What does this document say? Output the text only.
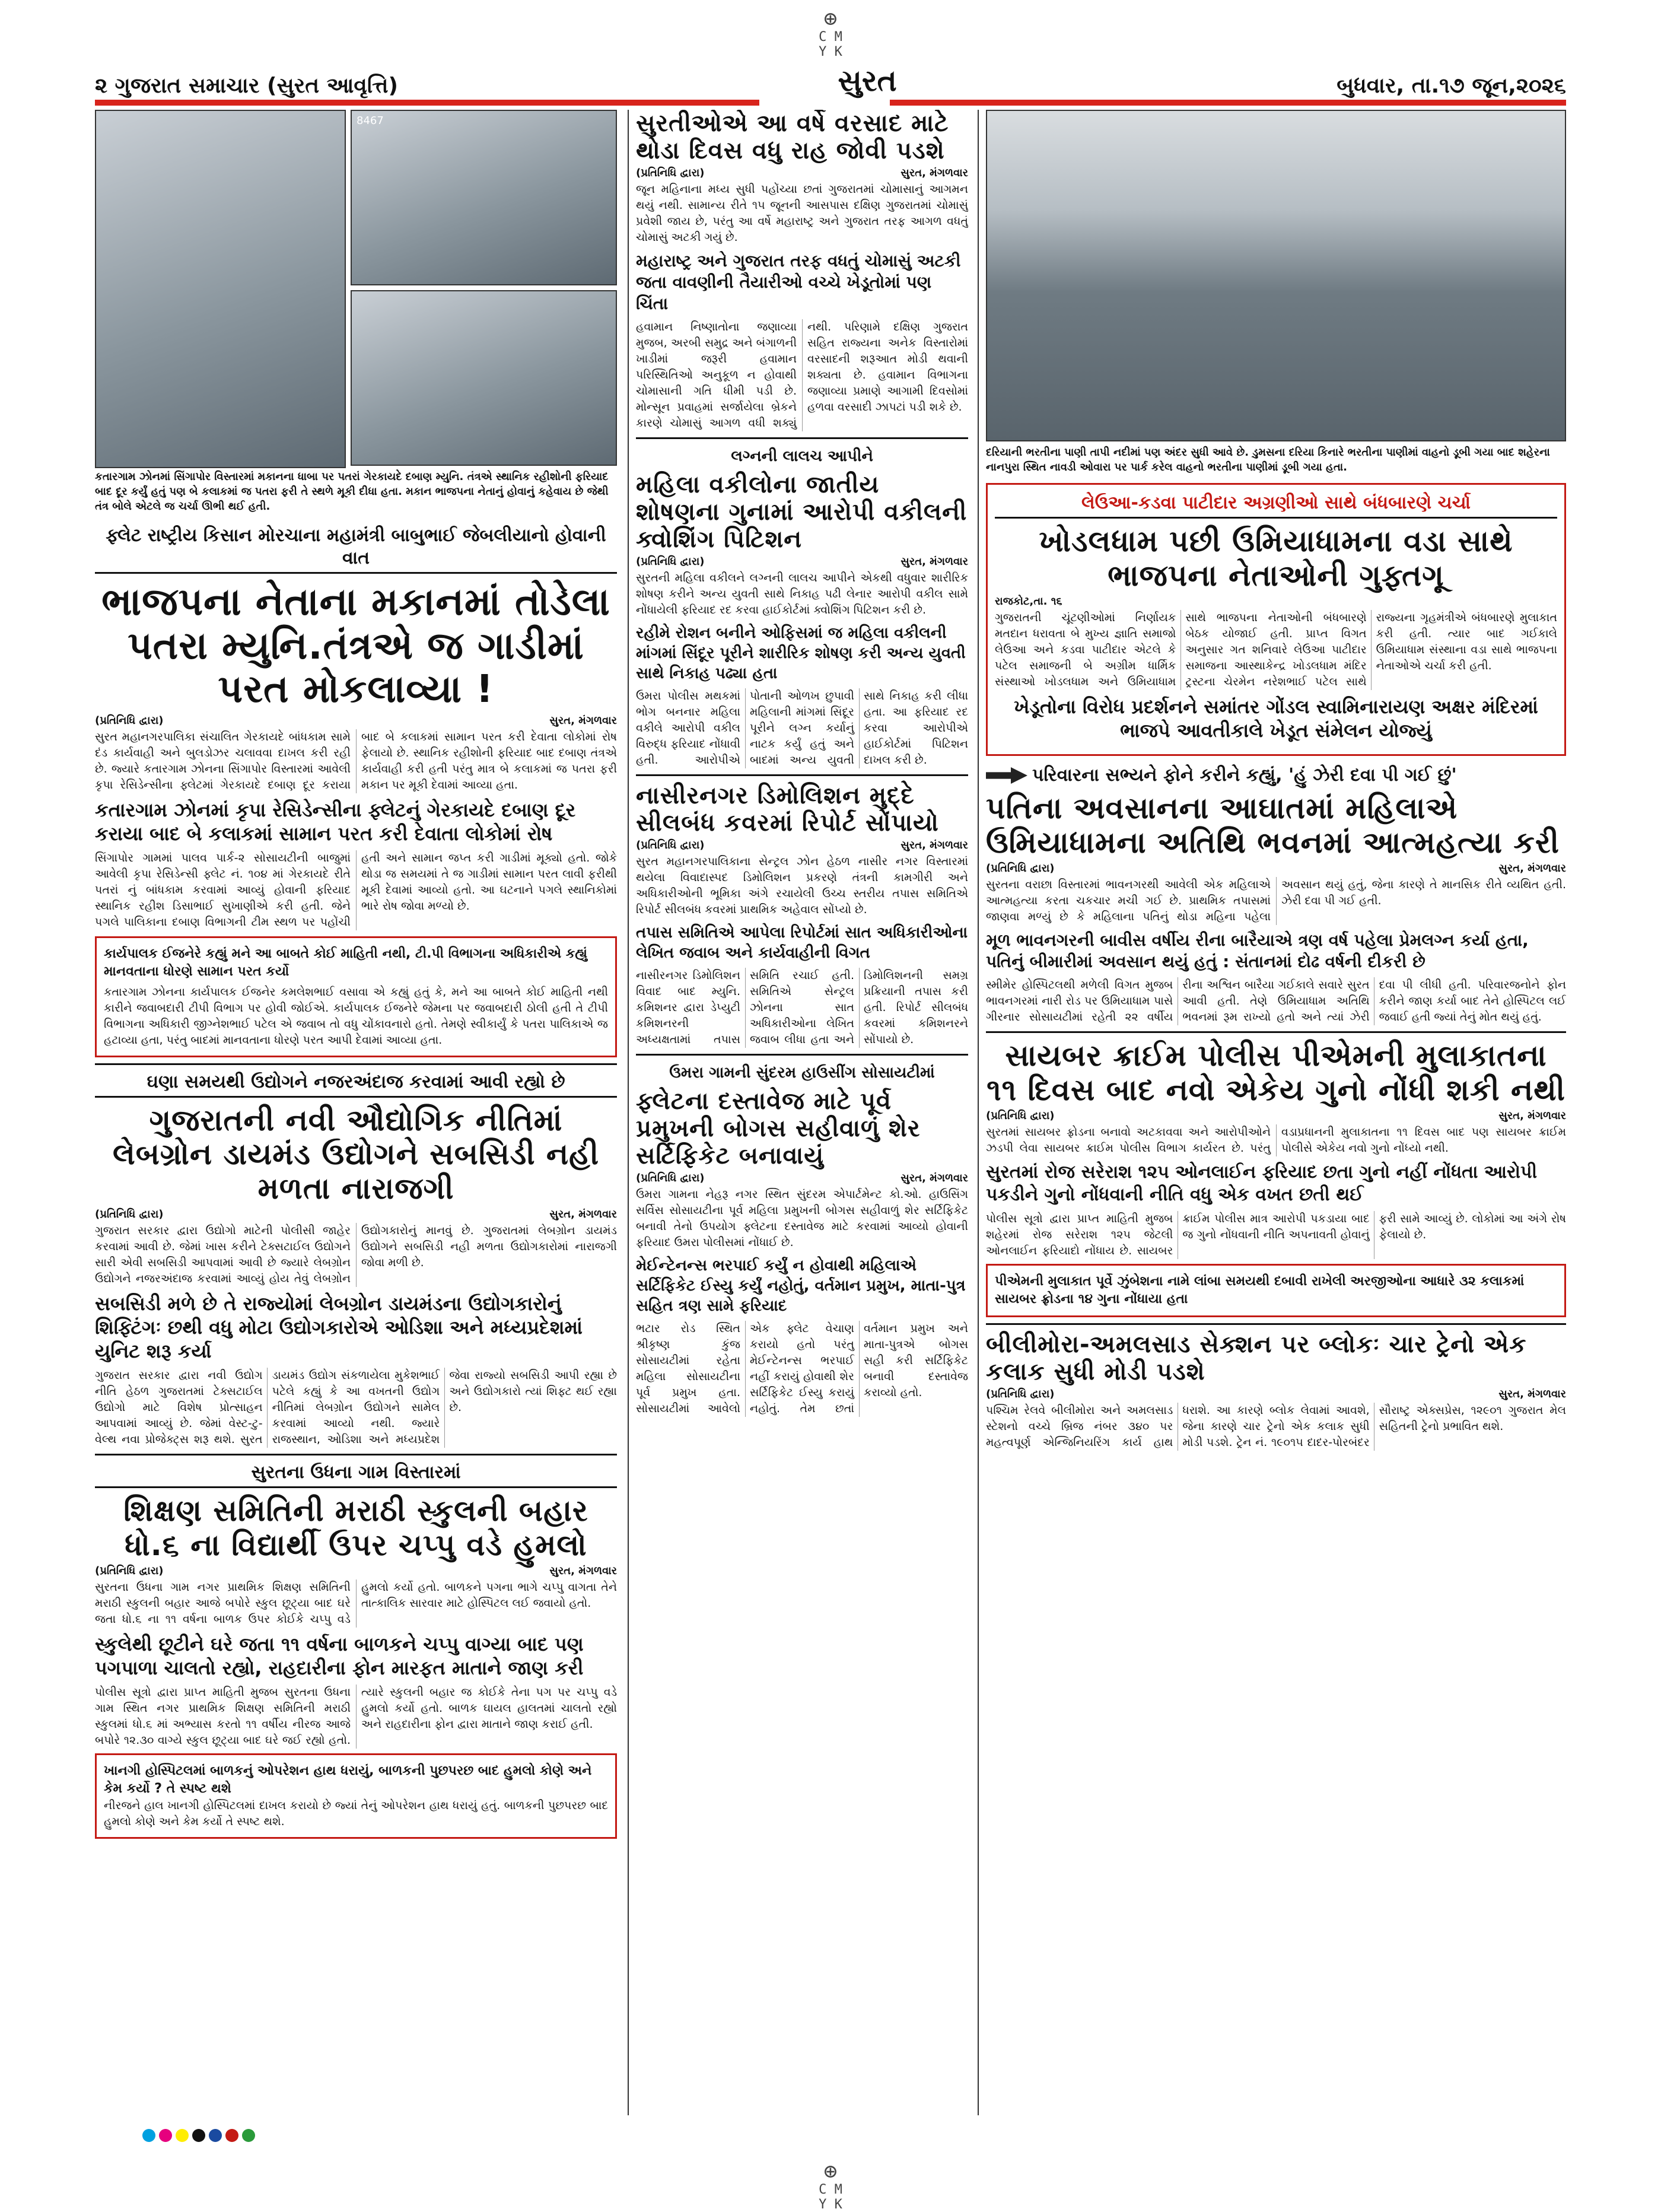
⊕
C M Y K
⊕
C M Y K
૨ ગુજરાત સમાચાર (સુરત આવૃત્તિ)	સુરત	બુધવાર, તા.૧૭ જૂન,૨૦૨૬
8467
કતારગામ ઝોનમાં સિંગાપોર વિસ્તારમાં મકાનના ધાબા પર પતરાં ગેરકાયદે દબાણ મ્યુનિ. તંત્રએ સ્થાનિક રહીશોની ફરિયાદ બાદ દૂર કર્યું હતું પણ બે કલાકમાં જ પતરા ફરી તે સ્થળે મૂકી દીધા હતા. મકાન ભાજપના નેતાનું હોવાનું કહેવાય છે જેથી તંત્ર બોલે એટલે જ ચર્ચા ઊભી થઈ હતી.
ફ્લેટ રાષ્ટ્રીય કિસાન મોરચાના મહામંત્રી બાબુભાઈ જેબલીયાનો હોવાની વાત
ભાજપના નેતાના મકાનમાં તોડેલા પતરા મ્યુનિ.તંત્રએ જ ગાડીમાં પરત મોકલાવ્યા !
(પ્રતિનિધિ દ્વારા)	સુરત, મંગળવાર
સુરત મહાનગરપાલિકા સંચાલિત ગેરકાયદે બાંધકામ સામે દંડ કાર્યવાહી અને બુલડોઝર ચલાવવા દાખલ કરી રહી છે. જ્યારે કતારગામ ઝોનના સિંગાપોર વિસ્તારમાં આવેલી કૃપા રેસિડેન્સીના ફ્લેટમાં ગેરકાયદે દબાણ દૂર કરાયા બાદ બે કલાકમાં સામાન પરત કરી દેવાતા લોકોમાં રોષ ફેલાયો છે. સ્થાનિક રહીશોની ફરિયાદ બાદ દબાણ તંત્રએ કાર્યવાહી કરી હતી પરંતુ માત્ર બે કલાકમાં જ પતરા ફરી મકાન પર મૂકી દેવામાં આવ્યા હતા.
કતારગામ ઝોનમાં કૃપા રેસિડેન્સીના ફ્લેટનું ગેરકાયદે દબાણ દૂર કરાયા બાદ બે કલાકમાં સામાન પરત કરી દેવાતા લોકોમાં રોષ
સિંગાપોર ગામમાં પાલવ પાર્ક-૨ સોસાયટીની બાજુમાં આવેલી કૃપા રેસિડેન્સી ફ્લેટ નં. ૧૦૪ માં ગેરકાયદે રીતે પતરાં નું બાંધકામ કરવામાં આવ્યું હોવાની ફરિયાદ સ્થાનિક રહીશ ડિસાભાઈ સુખાણીએ કરી હતી. જેને પગલે પાલિકાના દબાણ વિભાગની ટીમ સ્થળ પર પહોંચી હતી અને સામાન જપ્ત કરી ગાડીમાં મૂક્યો હતો. જોકે થોડા જ સમયમાં તે જ ગાડીમાં સામાન પરત લાવી ફરીથી મૂકી દેવામાં આવ્યો હતો. આ ઘટનાને પગલે સ્થાનિકોમાં ભારે રોષ જોવા મળ્યો છે.
કાર્યપાલક ઈજનેરે કહ્યું મને આ બાબતે કોઈ માહિતી નથી, ટી.પી વિભાગના અધિકારીએ કહ્યું માનવતાના ધોરણે સામાન પરત કર્યો
કતારગામ ઝોનના કાર્યપાલક ઈજનેર કમલેશભાઈ વસાવા એ કહ્યું હતું કે, મને આ બાબતે કોઈ માહિતી નથી કારીને જવાબદારી ટીપી વિભાગ પર હોવી જોઈએ. કાર્યપાલક ઈજનેરે જેમના પર જવાબદારી ઠોલી હતી તે ટીપી વિભાગના અધિકારી જીગ્નેશભાઈ પટેલ એ જવાબ તો વધુ ચોંકાવનારો હતો. તેમણે સ્વીકાર્યું કે પતરા પાલિકાએ જ હટાવ્યા હતા, પરંતુ બાદમાં માનવતાના ધોરણે પરત આપી દેવામાં આવ્યા હતા.
ઘણા સમયથી ઉદ્યોગને નજરઅંદાજ કરવામાં આવી રહ્યો છે
ગુજરાતની નવી ઔદ્યોગિક નીતિમાં લેબગ્રોન ડાયમંડ ઉદ્યોગને સબસિડી નહી મળતા નારાજગી
(પ્રતિનિધિ દ્વારા)	સુરત, મંગળવાર
ગુજરાત સરકાર દ્વારા ઉદ્યોગો માટેની પોલીસી જાહેર કરવામાં આવી છે. જેમાં ખાસ કરીને ટેક્સટાઈલ ઉદ્યોગને સારી એવી સબસિડી આપવામાં આવી છે જ્યારે લેબગ્રોન ઉદ્યોગને નજરઅંદાજ કરવામાં આવ્યું હોય તેવું લેબગ્રોન ઉદ્યોગકારોનું માનવું છે. ગુજરાતમાં લેબગ્રોન ડાયમંડ ઉદ્યોગને સબસિડી નહી મળતા ઉદ્યોગકારોમાં નારાજગી જોવા મળી છે.
સબસિડી મળે છે તે રાજ્યોમાં લેબગ્રોન ડાયમંડના ઉદ્યોગકારોનું શિફ્ટિંગઃ છથી વધુ મોટા ઉદ્યોગકારોએ ઓડિશા અને મધ્યપ્રદેશમાં યુનિટ શરૂ કર્યા
ગુજરાત સરકાર દ્વારા નવી ઉદ્યોગ નીતિ હેઠળ ગુજરાતમાં ટેક્સટાઈલ ઉદ્યોગો માટે વિશેષ પ્રોત્સાહન આપવામાં આવ્યું છે. જેમાં વેસ્ટ-ટુ-વેલ્થ નવા પ્રોજેક્ટ્સ શરૂ થશે. સુરત ડાયમંડ ઉદ્યોગ સંકળાયેલા મુકેશભાઈ પટેલે કહ્યું કે આ વખતની ઉદ્યોગ નીતિમાં લેબગ્રોન ઉદ્યોગને સામેલ કરવામાં આવ્યો નથી. જ્યારે રાજસ્થાન, ઓડિશા અને મધ્યપ્રદેશ જેવા રાજ્યો સબસિડી આપી રહ્યા છે અને ઉદ્યોગકારો ત્યાં શિફ્ટ થઈ રહ્યા છે.
સુરતના ઉધના ગામ વિસ્તારમાં
શિક્ષણ સમિતિની મરાઠી સ્કુલની બહાર ધો.૬ ના વિદ્યાર્થી ઉપર ચપ્પુ વડે હુમલો
(પ્રતિનિધિ દ્વારા)	સુરત, મંગળવાર
સુરતના ઉધના ગામ નગર પ્રાથમિક શિક્ષણ સમિતિની મરાઠી સ્કુલની બહાર આજે બપોરે સ્કુલ છૂટ્યા બાદ ઘરે જતા ધો.૬ ના ૧૧ વર્ષના બાળક ઉપર કોઈકે ચપ્પુ વડે હુમલો કર્યો હતો. બાળકને પગના ભાગે ચપ્પુ વાગતા તેને તાત્કાલિક સારવાર માટે હોસ્પિટલ લઈ જવાયો હતો.
સ્કુલેથી છૂટીને ઘરે જતા ૧૧ વર્ષના બાળકને ચપ્પુ વાગ્યા બાદ પણ પગપાળા ચાલતો રહ્યો, રાહદારીના ફોન મારફત માતાને જાણ કરી
પોલીસ સૂત્રો દ્વારા પ્રાપ્ત માહિતી મુજબ સુરતના ઉધના ગામ સ્થિત નગર પ્રાથમિક શિક્ષણ સમિતિની મરાઠી સ્કુલમાં ધો.૬ માં અભ્યાસ કરતો ૧૧ વર્ષીય નીરજ આજે બપોરે ૧૨.૩૦ વાગ્યે સ્કુલ છૂટ્યા બાદ ઘરે જઈ રહ્યો હતો. ત્યારે સ્કુલની બહાર જ કોઈકે તેના પગ પર ચપ્પુ વડે હુમલો કર્યો હતો. બાળક ઘાયલ હાલતમાં ચાલતો રહ્યો અને રાહદારીના ફોન દ્વારા માતાને જાણ કરાઈ હતી.
ખાનગી હોસ્પિટલમાં બાળકનું ઓપરેશન હાથ ધરાયું, બાળકની પુછપરછ બાદ હુમલો કોણે અને કેમ કર્યો ? તે સ્પષ્ટ થશે
નીરજને હાલ ખાનગી હોસ્પિટલમાં દાખલ કરાયો છે જ્યાં તેનું ઓપરેશન હાથ ધરાયું હતું. બાળકની પુછપરછ બાદ હુમલો કોણે અને કેમ કર્યો તે સ્પષ્ટ થશે.
સુરતીઓએ આ વર્ષે વરસાદ માટે થોડા દિવસ વધુ રાહ જોવી પડશે
(પ્રતિનિધિ દ્વારા)	સુરત, મંગળવાર
જૂન મહિનાના મધ્ય સુધી પહોંચ્યા છતાં ગુજરાતમાં ચોમાસાનું આગમન થયું નથી. સામાન્ય રીતે ૧૫ જૂનની આસપાસ દક્ષિણ ગુજરાતમાં ચોમાસું પ્રવેશી જાય છે, પરંતુ આ વર્ષે મહારાષ્ટ્ર અને ગુજરાત તરફ આગળ વધતું ચોમાસું અટકી ગયું છે.
મહારાષ્ટ્ર અને ગુજરાત તરફ વધતું ચોમાસું અટકી જતા વાવણીની તૈયારીઓ વચ્ચે ખેડૂતોમાં પણ ચિંતા
હવામાન નિષ્ણાતોના જણાવ્યા મુજબ, અરબી સમુદ્ર અને બંગાળની ખાડીમાં જરૂરી હવામાન પરિસ્થિતિઓ અનુકૂળ ન હોવાથી ચોમાસાની ગતિ ધીમી પડી છે. મોન્સૂન પ્રવાહમાં સર્જાયેલા બ્રેકને કારણે ચોમાસું આગળ વધી શક્યું નથી. પરિણામે દક્ષિણ ગુજરાત સહિત રાજ્યના અનેક વિસ્તારોમાં વરસાદની શરૂઆત મોડી થવાની શક્યતા છે. હવામાન વિભાગના જણાવ્યા પ્રમાણે આગામી દિવસોમાં હળવા વરસાદી ઝાપટાં પડી શકે છે.
લગ્નની લાલચ આપીને
મહિલા વકીલોના જાતીય શોષણના ગુનામાં આરોપી વકીલની ક્વોશિંગ પિટિશન
(પ્રતિનિધિ દ્વારા)	સુરત, મંગળવાર
સુરતની મહિલા વકીલને લગ્નની લાલચ આપીને એકથી વધુવાર શારીરિક શોષણ કરીને અન્ય યુવતી સાથે નિકાહ પઢી લેનાર આરોપી વકીલ સામે નોંધાયેલી ફરિયાદ રદ કરવા હાઈકોર્ટમાં ક્વોશિંગ પિટિશન કરી છે.
રહીમે રોશન બનીને ઓફિસમાં જ મહિલા વકીલની માંગમાં સિંદૂર પૂરીને શારીરિક શોષણ કરી અન્ય યુવતી સાથે નિકાહ પઢ્યા હતા
ઉમરા પોલીસ મથકમાં ભોગ બનનાર મહિલા વકીલે આરોપી વકીલ વિરુદ્ધ ફરિયાદ નોંધાવી હતી. આરોપીએ પોતાની ઓળખ છુપાવી મહિલાની માંગમાં સિંદૂર પૂરીને લગ્ન કર્યાનું નાટક કર્યું હતું અને બાદમાં અન્ય યુવતી સાથે નિકાહ કરી લીધા હતા. આ ફરિયાદ રદ કરવા આરોપીએ હાઈકોર્ટમાં પિટિશન દાખલ કરી છે.
નાસીરનગર ડિમોલિશન મુદ્દે સીલબંધ કવરમાં રિપોર્ટ સોંપાયો
(પ્રતિનિધિ દ્વારા)	સુરત, મંગળવાર
સુરત મહાનગરપાલિકાના સેન્ટ્રલ ઝોન હેઠળ નાસીર નગર વિસ્તારમાં થયેલા વિવાદાસ્પદ ડિમોલિશન પ્રકરણે તંત્રની કામગીરી અને અધિકારીઓની ભૂમિકા અંગે રચાયેલી ઉચ્ચ સ્તરીય તપાસ સમિતિએ રિપોર્ટ સીલબંધ કવરમાં પ્રાથમિક અહેવાલ સોંપ્યો છે.
તપાસ સમિતિએ આપેલા રિપોર્ટમાં સાત અધિકારીઓના લેખિત જવાબ અને કાર્યવાહીની વિગત
નાસીરનગર ડિમોલિશન વિવાદ બાદ મ્યુનિ. કમિશનર દ્વારા ડેપ્યુટી કમિશનરની અધ્યક્ષતામાં તપાસ સમિતિ રચાઈ હતી. સમિતિએ સેન્ટ્રલ ઝોનના સાત અધિકારીઓના લેખિત જવાબ લીધા હતા અને ડિમોલિશનની સમગ્ર પ્રક્રિયાની તપાસ કરી હતી. રિપોર્ટ સીલબંધ કવરમાં કમિશનરને સોંપાયો છે.
ઉમરા ગામની સુંદરમ હાઉસીંગ સોસાયટીમાં
ફ્લેટના દસ્તાવેજ માટે પૂર્વ પ્રમુખની બોગસ સહીવાળું શેર સર્ટિફિકેટ બનાવાયું
(પ્રતિનિધિ દ્વારા)	સુરત, મંગળવાર
ઉમરા ગામના નેહરૂ નગર સ્થિત સુંદરમ એપાર્ટમેન્ટ કો.ઓ. હાઉસિંગ સર્વિસ સોસાયટીના પૂર્વ મહિલા પ્રમુખની બોગસ સહીવાળું શેર સર્ટિફિકેટ બનાવી તેનો ઉપયોગ ફ્લેટના દસ્તાવેજ માટે કરવામાં આવ્યો હોવાની ફરિયાદ ઉમરા પોલીસમાં નોંધાઈ છે.
મેઈન્ટેનન્સ ભરપાઈ કર્યું ન હોવાથી મહિલાએ સર્ટિફિકેટ ઈસ્યુ કર્યું નહોતું, વર્તમાન પ્રમુખ, માતા-પુત્ર સહિત ત્રણ સામે ફરિયાદ
ભટાર રોડ સ્થિત શ્રીકૃષ્ણ કુંજ સોસાયટીમાં રહેતા મહિલા સોસાયટીના પૂર્વ પ્રમુખ હતા. સોસાયટીમાં આવેલો એક ફ્લેટ વેચાણ કરાયો હતો પરંતુ મેઈન્ટેનન્સ ભરપાઈ નહીં કરાયું હોવાથી શેર સર્ટિફિકેટ ઈસ્યુ કરાયું નહોતું. તેમ છતાં વર્તમાન પ્રમુખ અને માતા-પુત્રએ બોગસ સહી કરી સર્ટિફિકેટ બનાવી દસ્તાવેજ કરાવ્યો હતો.
દરિયાની ભરતીના પાણી તાપી નદીમાં પણ અંદર સુધી આવે છે. ડુમસના દરિયા કિનારે ભરતીના પાણીમાં વાહનો ડૂબી ગયા બાદ શહેરના નાનપુરા સ્થિત નાવડી ઓવારા પર પાર્ક કરેલ વાહનો ભરતીના પાણીમાં ડૂબી ગયા હતા.
લેઉઆ-કડવા પાટીદાર અગ્રણીઓ સાથે બંધબારણે ચર્ચા
ખોડલધામ પછી ઉમિયાધામના વડા સાથે ભાજપના નેતાઓની ગુફ્તગૂ
રાજકોટ,તા. ૧૬
ગુજરાતની ચૂંટણીઓમાં નિર્ણાયક મતદાન ધરાવતા બે મુખ્ય જ્ઞાતિ સમાજો લેઉઆ અને કડવા પાટીદાર એટલે કે પટેલ સમાજની બે અગ્રીમ ધાર્મિક સંસ્થાઓ ખોડલધામ અને ઉમિયાધામ સાથે ભાજપના નેતાઓની બંધબારણે બેઠક યોજાઈ હતી. પ્રાપ્ત વિગત અનુસાર ગત શનિવારે લેઉઆ પાટીદાર સમાજના આસ્થાકેન્દ્ર ખોડલધામ મંદિર ટ્રસ્ટના ચેરમેન નરેશભાઈ પટેલ સાથે રાજ્યના ગૃહમંત્રીએ બંધબારણે મુલાકાત કરી હતી. ત્યાર બાદ ગઈકાલે ઉમિયાધામ સંસ્થાના વડા સાથે ભાજપના નેતાઓએ ચર્ચા કરી હતી.
ખેડૂતોના વિરોધ પ્રદર્શનને સમાંતર ગોંડલ સ્વામિનારાયણ અક્ષર મંદિરમાં ભાજપે આવતીકાલે ખેડૂત સંમેલન યોજ્યું
પરિવારના સભ્યને ફોને કરીને કહ્યું, 'હું ઝેરી દવા પી ગઈ છું'
પતિના અવસાનના આઘાતમાં મહિલાએ ઉમિયાધામના અતિથિ ભવનમાં આત્મહત્યા કરી
(પ્રતિનિધિ દ્વારા)	સુરત, મંગળવાર
સુરતના વરાછા વિસ્તારમાં ભાવનગરથી આવેલી એક મહિલાએ આત્મહત્યા કરતા ચકચાર મચી ગઈ છે. પ્રાથમિક તપાસમાં જાણવા મળ્યું છે કે મહિલાના પતિનું થોડા મહિના પહેલા અવસાન થયું હતું, જેના કારણે તે માનસિક રીતે વ્યથિત હતી. ઝેરી દવા પી ગઈ હતી.
મૂળ ભાવનગરની બાવીસ વર્ષીય રીના બારૈયાએ ત્રણ વર્ષ પહેલા પ્રેમલગ્ન કર્યા હતા, પતિનું બીમારીમાં અવસાન થયું હતું : સંતાનમાં દોઢ વર્ષની દીકરી છે
સ્મીમેર હોસ્પિટલથી મળેલી વિગત મુજબ ભાવનગરમાં નારી રોડ પર ઉમિયાધામ પાસે ગીરનાર સોસાયટીમાં રહેતી ૨૨ વર્ષીય રીના અશ્વિન બારૈયા ગઈકાલે સવારે સુરત આવી હતી. તેણે ઉમિયાધામ અતિથિ ભવનમાં રૂમ રાખ્યો હતો અને ત્યાં ઝેરી દવા પી લીધી હતી. પરિવારજનોને ફોન કરીને જાણ કર્યા બાદ તેને હોસ્પિટલ લઈ જવાઈ હતી જ્યાં તેનું મોત થયું હતું.
સાયબર ક્રાઈમ પોલીસ પીએમની મુલાકાતના ૧૧ દિવસ બાદ નવો એકેય ગુનો નોંધી શકી નથી
(પ્રતિનિધિ દ્વારા)	સુરત, મંગળવાર
સુરતમાં સાયબર ફ્રોડના બનાવો અટકાવવા અને આરોપીઓને ઝડપી લેવા સાયબર ક્રાઈમ પોલીસ વિભાગ કાર્યરત છે. પરંતુ વડાપ્રધાનની મુલાકાતના ૧૧ દિવસ બાદ પણ સાયબર ક્રાઈમ પોલીસે એકેય નવો ગુનો નોંધ્યો નથી.
સુરતમાં રોજ સરેરાશ ૧૨૫ ઓનલાઈન ફરિયાદ છતા ગુનો નહીં નોંધતા આરોપી પકડીને ગુનો નોંધવાની નીતિ વધુ એક વખત છતી થઈ
પોલીસ સૂત્રો દ્વારા પ્રાપ્ત માહિતી મુજબ શહેરમાં રોજ સરેરાશ ૧૨૫ જેટલી ઓનલાઈન ફરિયાદો નોંધાય છે. સાયબર ક્રાઈમ પોલીસ માત્ર આરોપી પકડાયા બાદ જ ગુનો નોંધવાની નીતિ અપનાવતી હોવાનું ફરી સામે આવ્યું છે. લોકોમાં આ અંગે રોષ ફેલાયો છે.
પીએમની મુલાકાત પૂર્વે ઝુંબેશના નામે લાંબા સમયથી દબાવી રાખેલી અરજીઓના આધારે ૩૨ કલાકમાં સાયબર ફ્રોડના ૧૪ ગુના નોંધાયા હતા
બીલીમોરા-અમલસાડ સેક્શન પર બ્લોકઃ ચાર ટ્રેનો એક કલાક સુધી મોડી પડશે
(પ્રતિનિધિ દ્વારા)	સુરત, મંગળવાર
પશ્ચિમ રેલવે બીલીમોરા અને અમલસાડ સ્ટેશનો વચ્ચે બ્રિજ નંબર ૩૪૦ પર મહત્વપૂર્ણ એન્જિનિયરિંગ કાર્ય હાથ ધરાશે. આ કારણે બ્લોક લેવામાં આવશે, જેના કારણે ચાર ટ્રેનો એક કલાક સુધી મોડી પડશે. ટ્રેન નં. ૧૯૦૧૫ દાદર-પોરબંદર સૌરાષ્ટ્ર એક્સપ્રેસ, ૧૨૯૦૧ ગુજરાત મેલ સહિતની ટ્રેનો પ્રભાવિત થશે.
